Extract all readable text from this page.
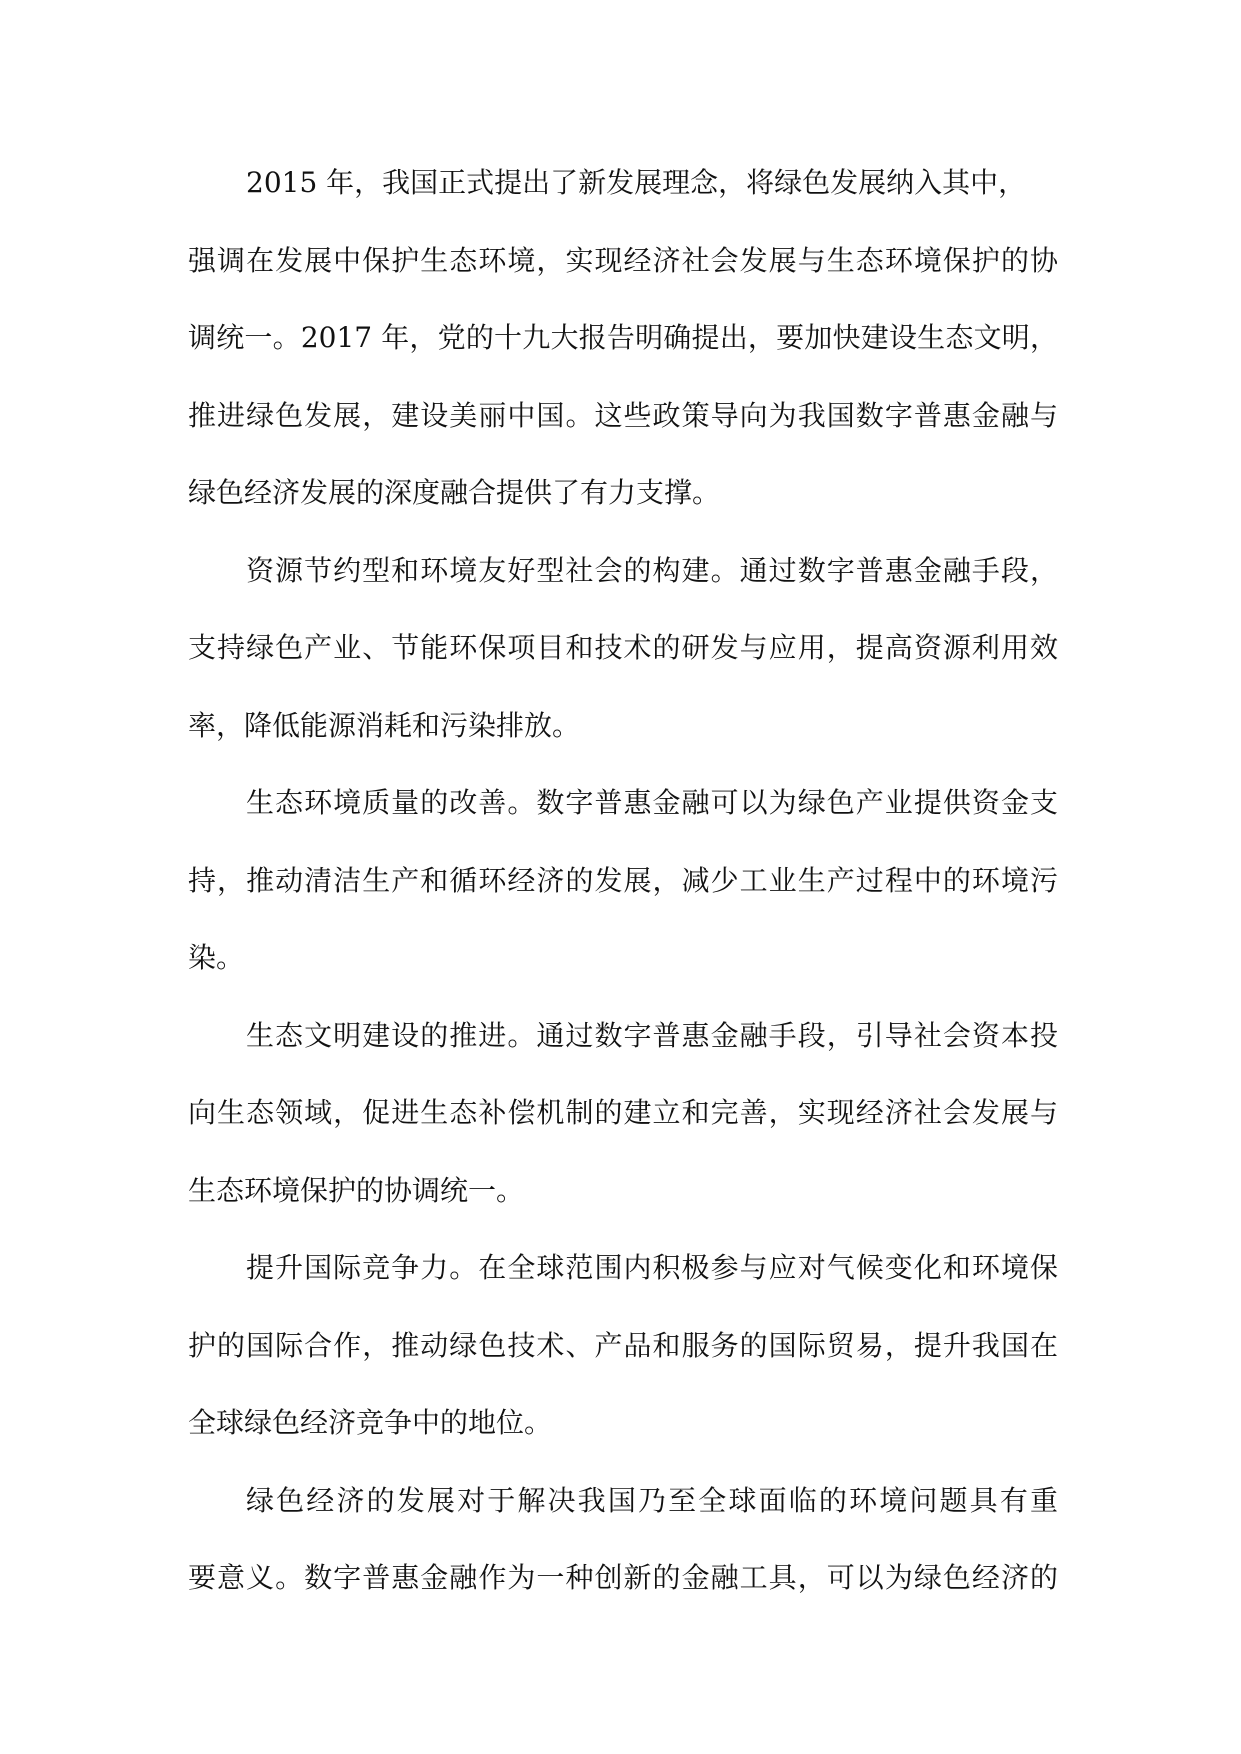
2015 年，我国正式提出了新发展理念，将绿色发展纳入其中，
强调在发展中保护生态环境，实现经济社会发展与生态环境保护的协
调统一。2017 年，党的十九大报告明确提出，要加快建设生态文明，
推进绿色发展，建设美丽中国。这些政策导向为我国数字普惠金融与
绿色经济发展的深度融合提供了有力支撑。
资源节约型和环境友好型社会的构建。通过数字普惠金融手段，
支持绿色产业、节能环保项目和技术的研发与应用，提高资源利用效
率，降低能源消耗和污染排放。
生态环境质量的改善。数字普惠金融可以为绿色产业提供资金支
持，推动清洁生产和循环经济的发展，减少工业生产过程中的环境污
染。
生态文明建设的推进。通过数字普惠金融手段，引导社会资本投
向生态领域，促进生态补偿机制的建立和完善，实现经济社会发展与
生态环境保护的协调统一。
提升国际竞争力。在全球范围内积极参与应对气候变化和环境保
护的国际合作，推动绿色技术、产品和服务的国际贸易，提升我国在
全球绿色经济竞争中的地位。
绿色经济的发展对于解决我国乃至全球面临的环境问题具有重
要意义。数字普惠金融作为一种创新的金融工具，可以为绿色经济的
